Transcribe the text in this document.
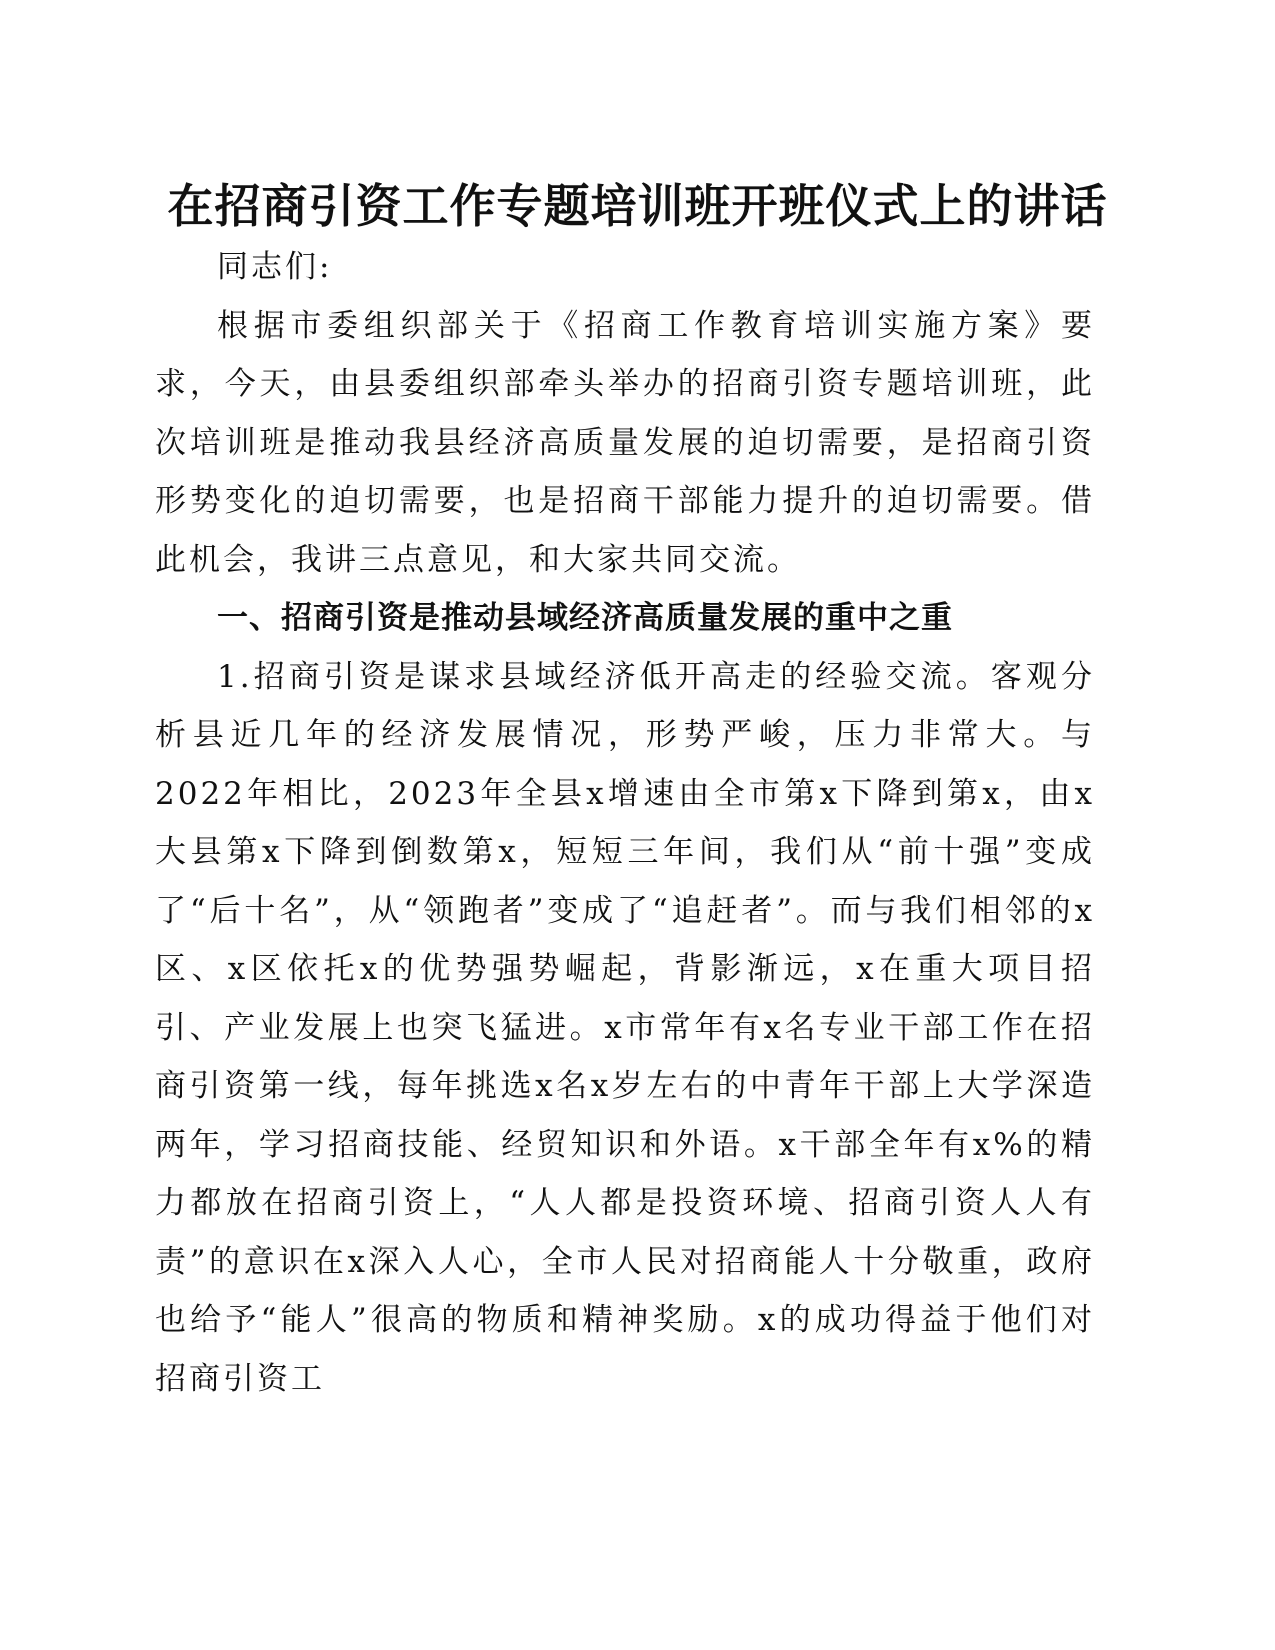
在招商引资工作专题培训班开班仪式上的讲话

同志们:

根据市委组织部关于《招商工作教育培训实施方案》要求，今天，由县委组织部牵头举办的招商引资专题培训班，此次培训班是推动我县经济高质量发展的迫切需要，是招商引资形势变化的迫切需要，也是招商干部能力提升的迫切需要。借此机会，我讲三点意见，和大家共同交流。

一、招商引资是推动县域经济高质量发展的重中之重

1.招商引资是谋求县域经济低开高走的经验交流。客观分析县近几年的经济发展情况，形势严峻，压力非常大。与2022年相比，2023年全县x增速由全市第x下降到第x，由x大县第x下降到倒数第x，短短三年间，我们从“前十强”变成了“后十名”，从“领跑者”变成了“追赶者”。而与我们相邻的x区、x区依托x的优势强势崛起，背影渐远，x在重大项目招引、产业发展上也突飞猛进。x市常年有x名专业干部工作在招商引资第一线，每年挑选x名x岁左右的中青年干部上大学深造两年，学习招商技能、经贸知识和外语。x干部全年有x%的精力都放在招商引资上，“人人都是投资环境、招商引资人人有责”的意识在x深入人心，全市人民对招商能人十分敬重，政府也给予“能人”很高的物质和精神奖励。x的成功得益于他们对招商引资工
